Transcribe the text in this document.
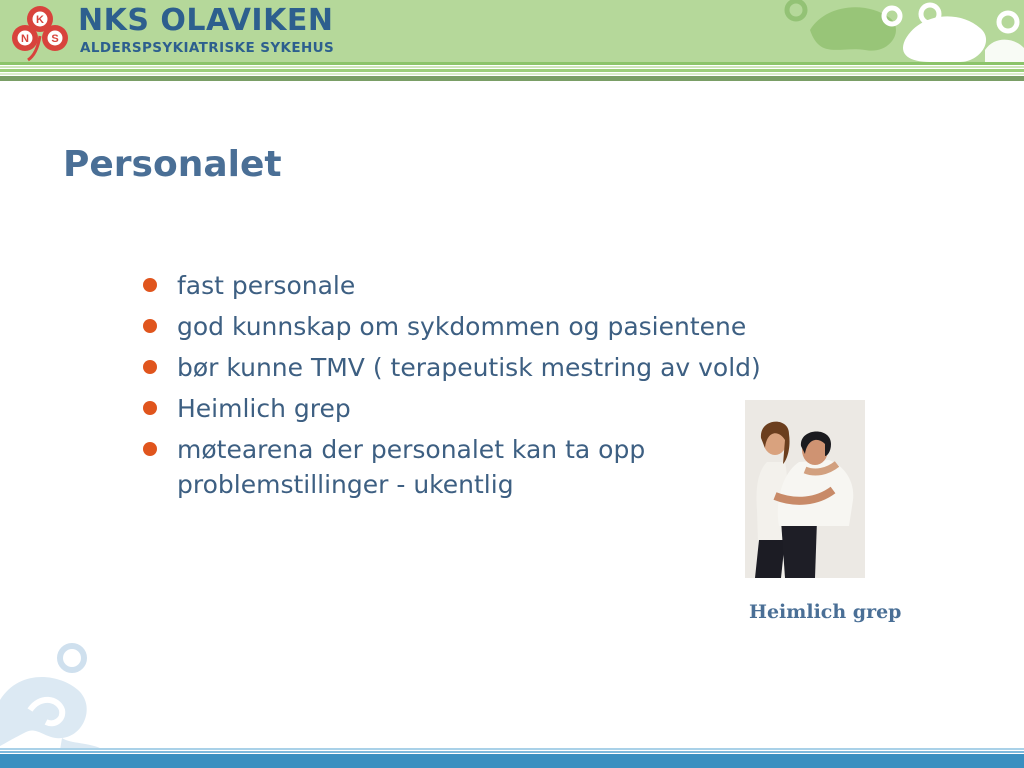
K
N S
NKS OLAVIKEN
ALDERSPSYKIATRISKE SYKEHUS
Personalet
fast personale
god kunnskap om sykdommen og pasientene
bør kunne TMV ( terapeutisk mestring av vold)
Heimlich grep
møtearena der personalet kan ta opp problemstillinger - ukentlig
Heimlich grep
